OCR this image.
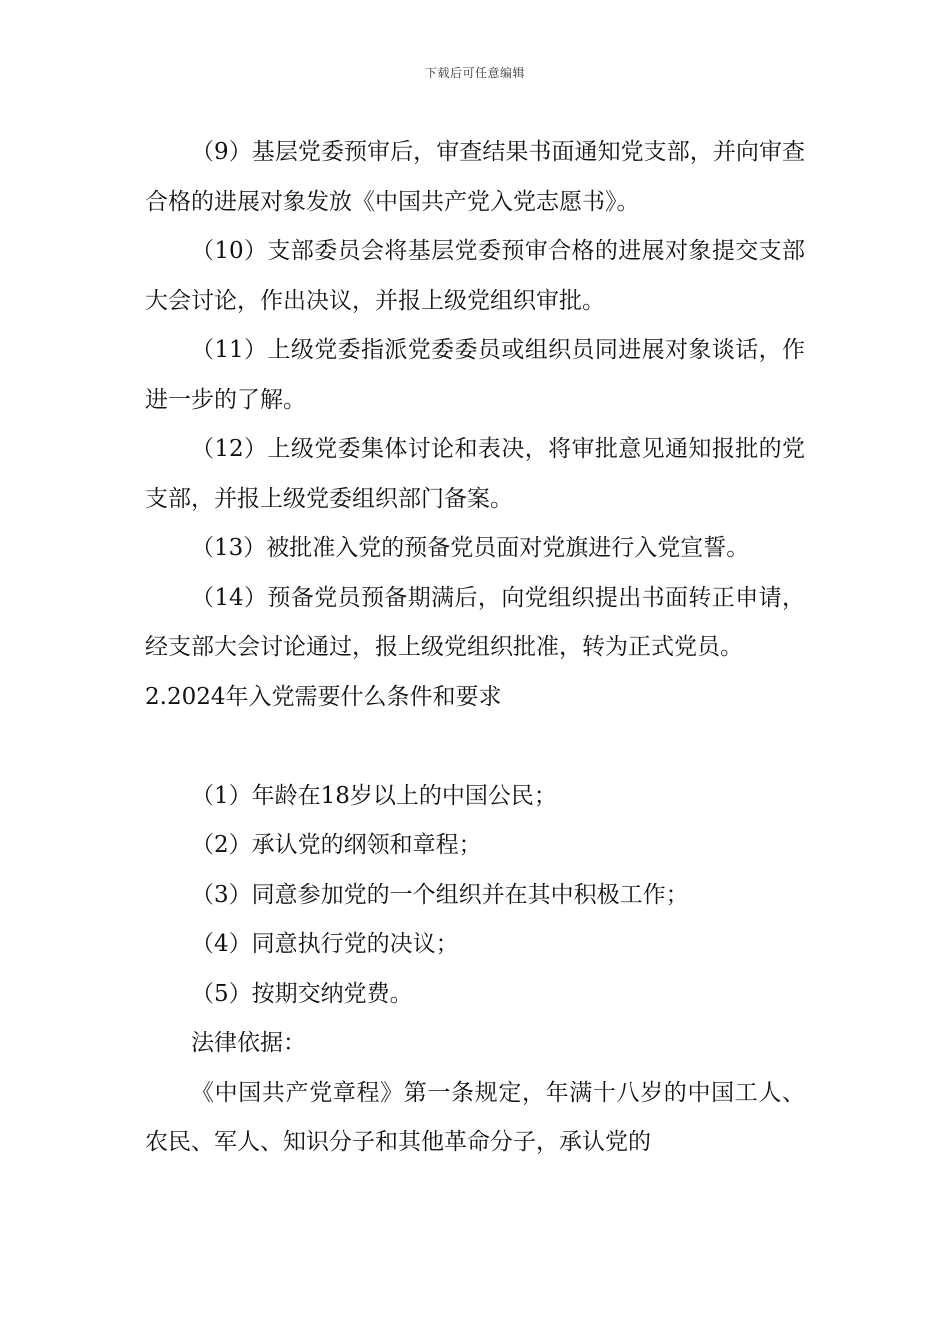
下载后可任意编辑

（9）基层党委预审后，审查结果书面通知党支部，并向审查合格的进展对象发放《中国共产党入党志愿书》。

（10）支部委员会将基层党委预审合格的进展对象提交支部大会讨论，作出决议，并报上级党组织审批。

（11）上级党委指派党委委员或组织员同进展对象谈话，作进一步的了解。

（12）上级党委集体讨论和表决，将审批意见通知报批的党支部，并报上级党委组织部门备案。

（13）被批准入党的预备党员面对党旗进行入党宣誓。

（14）预备党员预备期满后，向党组织提出书面转正申请，经支部大会讨论通过，报上级党组织批准，转为正式党员。

2.2024年入党需要什么条件和要求

（1）年龄在18岁以上的中国公民；

（2）承认党的纲领和章程；

（3）同意参加党的一个组织并在其中积极工作；

（4）同意执行党的决议；

（5）按期交纳党费。

法律依据：

《中国共产党章程》第一条规定，年满十八岁的中国工人、农民、军人、知识分子和其他革命分子，承认党的
